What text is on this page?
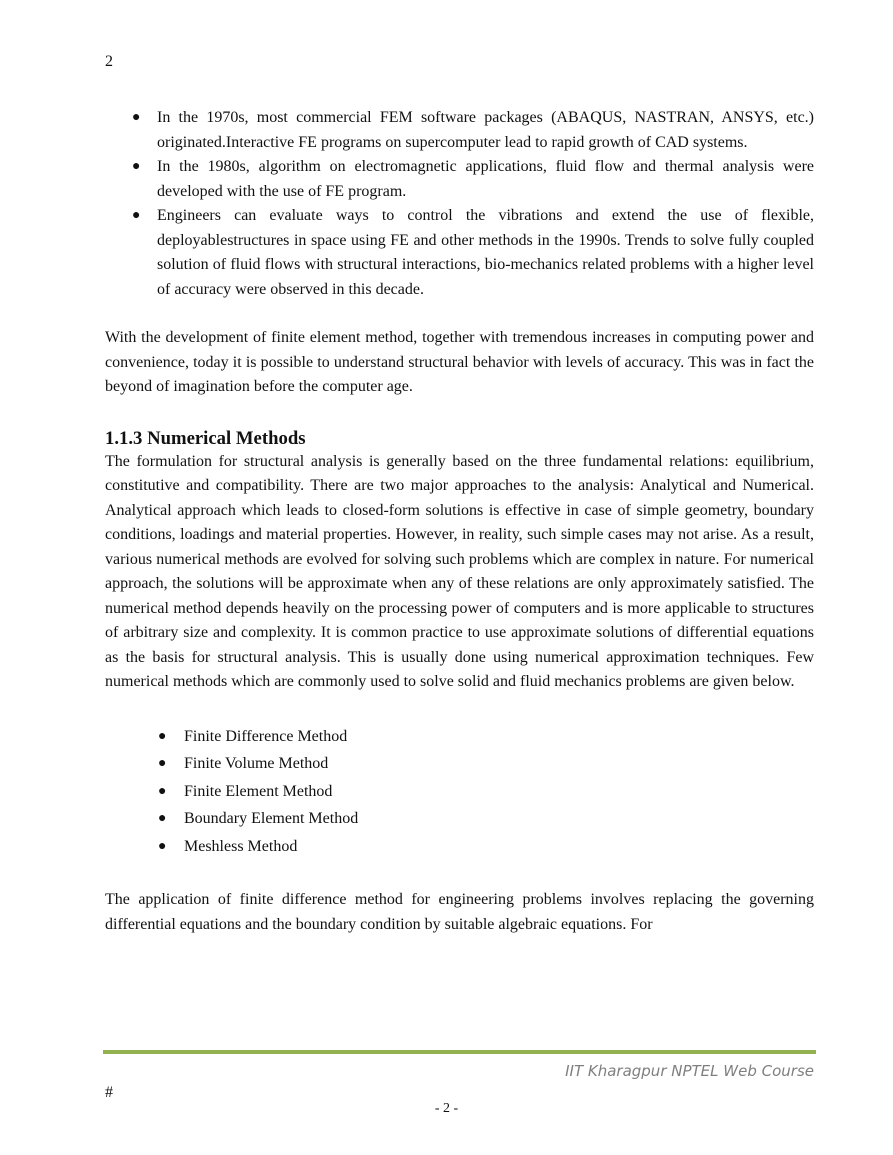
2
● In the 1970s, most commercial FEM software packages (ABAQUS, NASTRAN, ANSYS, etc.) originated.Interactive FE programs on supercomputer lead to rapid growth of CAD systems.
● In the 1980s, algorithm on electromagnetic applications, fluid flow and thermal analysis were developed with the use of FE program.
● Engineers can evaluate ways to control the vibrations and extend the use of flexible, deployablestructures in space using FE and other methods in the 1990s. Trends to solve fully coupled solution of fluid flows with structural interactions, bio-mechanics related problems with a higher level of accuracy were observed in this decade.

With the development of finite element method, together with tremendous increases in computing power and convenience, today it is possible to understand structural behavior with levels of accuracy. This was in fact the beyond of imagination before the computer age.

1.1.3 Numerical Methods

The formulation for structural analysis is generally based on the three fundamental relations: equilibrium, constitutive and compatibility. There are two major approaches to the analysis: Analytical and Numerical. Analytical approach which leads to closed-form solutions is effective in case of simple geometry, boundary conditions, loadings and material properties. However, in reality, such simple cases may not arise. As a result, various numerical methods are evolved for solving such problems which are complex in nature. For numerical approach, the solutions will be approximate when any of these relations are only approximately satisfied. The numerical method depends heavily on the processing power of computers and is more applicable to structures of arbitrary size and complexity. It is common practice to use approximate solutions of differential equations as the basis for structural analysis. This is usually done using numerical approximation techniques. Few numerical methods which are commonly used to solve solid and fluid mechanics problems are given below.

● Finite Difference Method
● Finite Volume Method
● Finite Element Method
● Boundary Element Method
● Meshless Method

The application of finite difference method for engineering problems involves replacing the governing differential equations and the boundary condition by suitable algebraic equations. For

IIT Kharagpur NPTEL Web Course
#
- 2 -
